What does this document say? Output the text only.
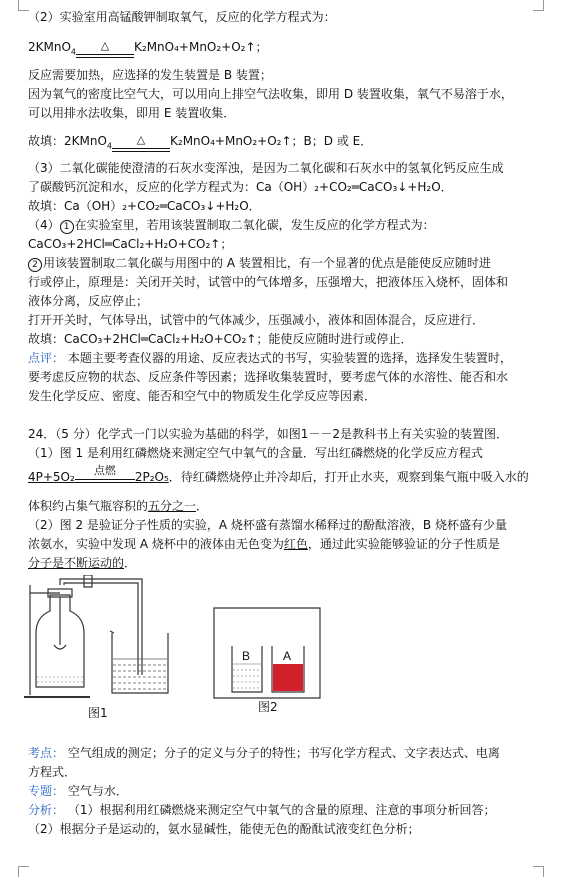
（2）实验室用高锰酸钾制取氧气，反应的化学方程式为：
2KMnO$_4$	△	K₂MnO₄+MnO₂+O₂↑；
反应需要加热，应选择的发生装置是 B 装置；
因为氧气的密度比空气大，可以用向上排空气法收集，即用 D 装置收集，氧气不易溶于水，
可以用排水法收集，即用 E 装置收集．
故填：2KMnO$_4$	△	K₂MnO₄+MnO₂+O₂↑；B；D 或 E．
（3）二氧化碳能使澄清的石灰水变浑浊，是因为二氧化碳和石灰水中的氢氧化钙反应生成
了碳酸钙沉淀和水，反应的化学方程式为：Ca（OH）₂+CO₂═CaCO₃↓+H₂O．
故填：Ca（OH）₂+CO₂═CaCO₃↓+H₂O．
（4） 1 在实验室里，若用该装置制取二氧化碳，发生反应的化学方程式为：
CaCO₃+2HCl═CaCl₂+H₂O+CO₂↑；
2 用该装置制取二氧化碳与用图中的 A 装置相比，有一个显著的优点是能使反应随时进
行或停止，原理是：关闭开关时，试管中的气体增多，压强增大，把液体压入烧杯，固体和
液体分离，反应停止；
打开开关时，气体导出，试管中的气体减少，压强减小，液体和固体混合，反应进行．
故填：CaCO₃+2HCl═CaCl₂+H₂O+CO₂↑；能使反应随时进行或停止．
点评： 本题主要考查仪器的用途、反应表达式的书写，实验装置的选择，选择发生装置时，
要考虑反应物的状态、反应条件等因素；选择收集装置时，要考虑气体的水溶性、能否和水
发生化学反应、密度、能否和空气中的物质发生化学反应等因素．
24．（5 分）化学式一门以实验为基础的科学，如图1－－2是教科书上有关实验的装置图．
（1）图 1 是利用红磷燃烧来测定空气中氧气的含量．写出红磷燃烧的化学反应方程式
4P+5O₂	点燃	2P₂O₅．待红磷燃烧停止并冷却后，打开止水夹，观察到集气瓶中吸入水的
体积约占集气瓶容积的五分之一．
（2）图 2 是验证分子性质的实验，A 烧杯盛有蒸馏水稀释过的酚酞溶液，B 烧杯盛有少量
浓氨水，实验中发现 A 烧杯中的液体由无色变为红色，通过此实验能够验证的分子性质是
分子是不断运动的．
图1
B	A
图2
考点： 空气组成的测定；分子的定义与分子的特性；书写化学方程式、文字表达式、电离
方程式．
专题： 空气与水．
分析： （1）根据利用红磷燃烧来测定空气中氧气的含量的原理、注意的事项分析回答；
（2）根据分子是运动的，氨水显碱性，能使无色的酚酞试液变红色分析；
